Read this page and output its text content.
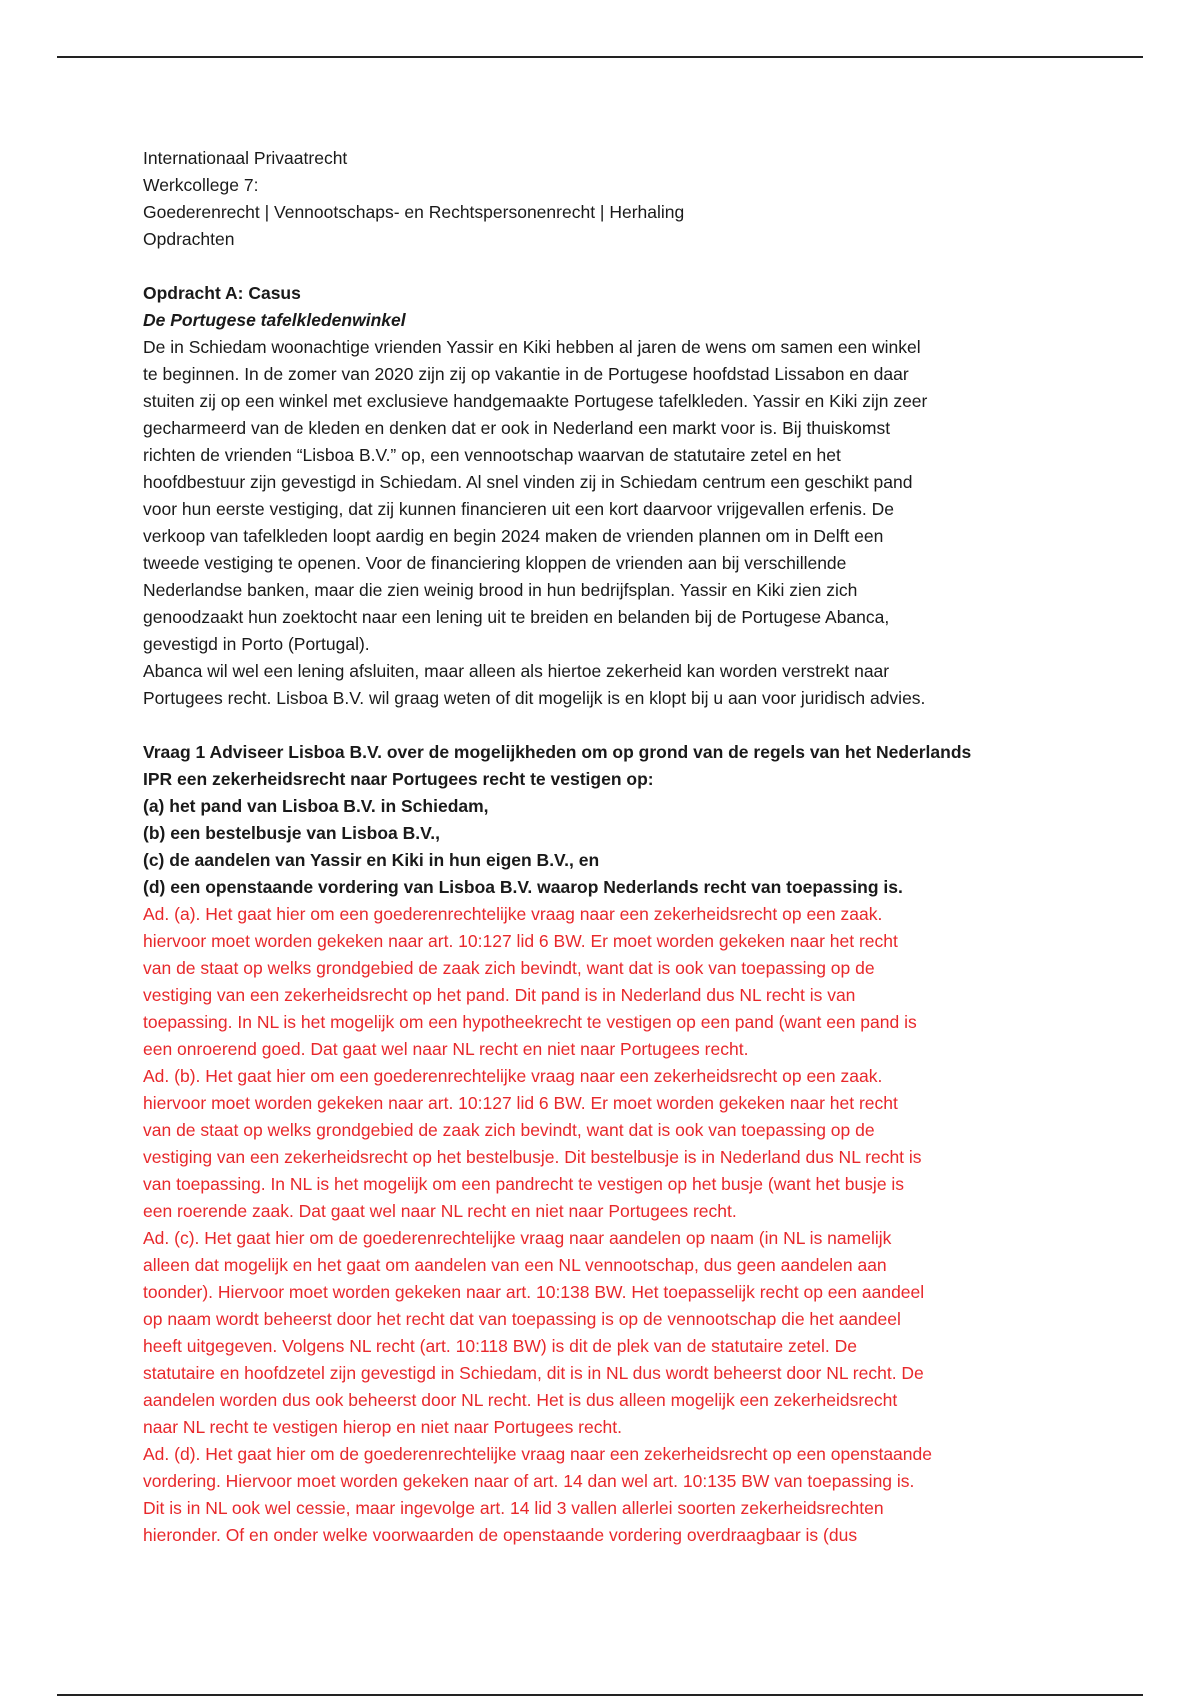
Internationaal Privaatrecht

Werkcollege 7:

Goederenrecht | Vennootschaps- en Rechtspersonenrecht | Herhaling

Opdrachten

Opdracht A: Casus

De Portugese tafelkledenwinkel

De in Schiedam woonachtige vrienden Yassir en Kiki hebben al jaren de wens om samen een winkel

te beginnen. In de zomer van 2020 zijn zij op vakantie in de Portugese hoofdstad Lissabon en daar

stuiten zij op een winkel met exclusieve handgemaakte Portugese tafelkleden. Yassir en Kiki zijn zeer

gecharmeerd van de kleden en denken dat er ook in Nederland een markt voor is. Bij thuiskomst

richten de vrienden “Lisboa B.V.” op, een vennootschap waarvan de statutaire zetel en het

hoofdbestuur zijn gevestigd in Schiedam. Al snel vinden zij in Schiedam centrum een geschikt pand

voor hun eerste vestiging, dat zij kunnen financieren uit een kort daarvoor vrijgevallen erfenis. De

verkoop van tafelkleden loopt aardig en begin 2024 maken de vrienden plannen om in Delft een

tweede vestiging te openen. Voor de financiering kloppen de vrienden aan bij verschillende

Nederlandse banken, maar die zien weinig brood in hun bedrijfsplan. Yassir en Kiki zien zich

genoodzaakt hun zoektocht naar een lening uit te breiden en belanden bij de Portugese Abanca,

gevestigd in Porto (Portugal).

Abanca wil wel een lening afsluiten, maar alleen als hiertoe zekerheid kan worden verstrekt naar

Portugees recht. Lisboa B.V. wil graag weten of dit mogelijk is en klopt bij u aan voor juridisch advies.

Vraag 1 Adviseer Lisboa B.V. over de mogelijkheden om op grond van de regels van het Nederlands

IPR een zekerheidsrecht naar Portugees recht te vestigen op:

(a) het pand van Lisboa B.V. in Schiedam,

(b) een bestelbusje van Lisboa B.V.,

(c) de aandelen van Yassir en Kiki in hun eigen B.V., en

(d) een openstaande vordering van Lisboa B.V. waarop Nederlands recht van toepassing is.

Ad. (a). Het gaat hier om een goederenrechtelijke vraag naar een zekerheidsrecht op een zaak.

hiervoor moet worden gekeken naar art. 10:127 lid 6 BW. Er moet worden gekeken naar het recht

van de staat op welks grondgebied de zaak zich bevindt, want dat is ook van toepassing op de

vestiging van een zekerheidsrecht op het pand. Dit pand is in Nederland dus NL recht is van

toepassing. In NL is het mogelijk om een hypotheekrecht te vestigen op een pand (want een pand is

een onroerend goed. Dat gaat wel naar NL recht en niet naar Portugees recht.

Ad. (b). Het gaat hier om een goederenrechtelijke vraag naar een zekerheidsrecht op een zaak.

hiervoor moet worden gekeken naar art. 10:127 lid 6 BW. Er moet worden gekeken naar het recht

van de staat op welks grondgebied de zaak zich bevindt, want dat is ook van toepassing op de

vestiging van een zekerheidsrecht op het bestelbusje. Dit bestelbusje is in Nederland dus NL recht is

van toepassing. In NL is het mogelijk om een pandrecht te vestigen op het busje (want het busje is

een roerende zaak. Dat gaat wel naar NL recht en niet naar Portugees recht.

Ad. (c). Het gaat hier om de goederenrechtelijke vraag naar aandelen op naam (in NL is namelijk

alleen dat mogelijk en het gaat om aandelen van een NL vennootschap, dus geen aandelen aan

toonder). Hiervoor moet worden gekeken naar art. 10:138 BW. Het toepasselijk recht op een aandeel

op naam wordt beheerst door het recht dat van toepassing is op de vennootschap die het aandeel

heeft uitgegeven. Volgens NL recht (art. 10:118 BW) is dit de plek van de statutaire zetel. De

statutaire en hoofdzetel zijn gevestigd in Schiedam, dit is in NL dus wordt beheerst door NL recht. De

aandelen worden dus ook beheerst door NL recht. Het is dus alleen mogelijk een zekerheidsrecht

naar NL recht te vestigen hierop en niet naar Portugees recht.

Ad. (d). Het gaat hier om de goederenrechtelijke vraag naar een zekerheidsrecht op een openstaande

vordering. Hiervoor moet worden gekeken naar of art. 14 dan wel art. 10:135 BW van toepassing is.

Dit is in NL ook wel cessie, maar ingevolge art. 14 lid 3 vallen allerlei soorten zekerheidsrechten

hieronder. Of en onder welke voorwaarden de openstaande vordering overdraagbaar is (dus
